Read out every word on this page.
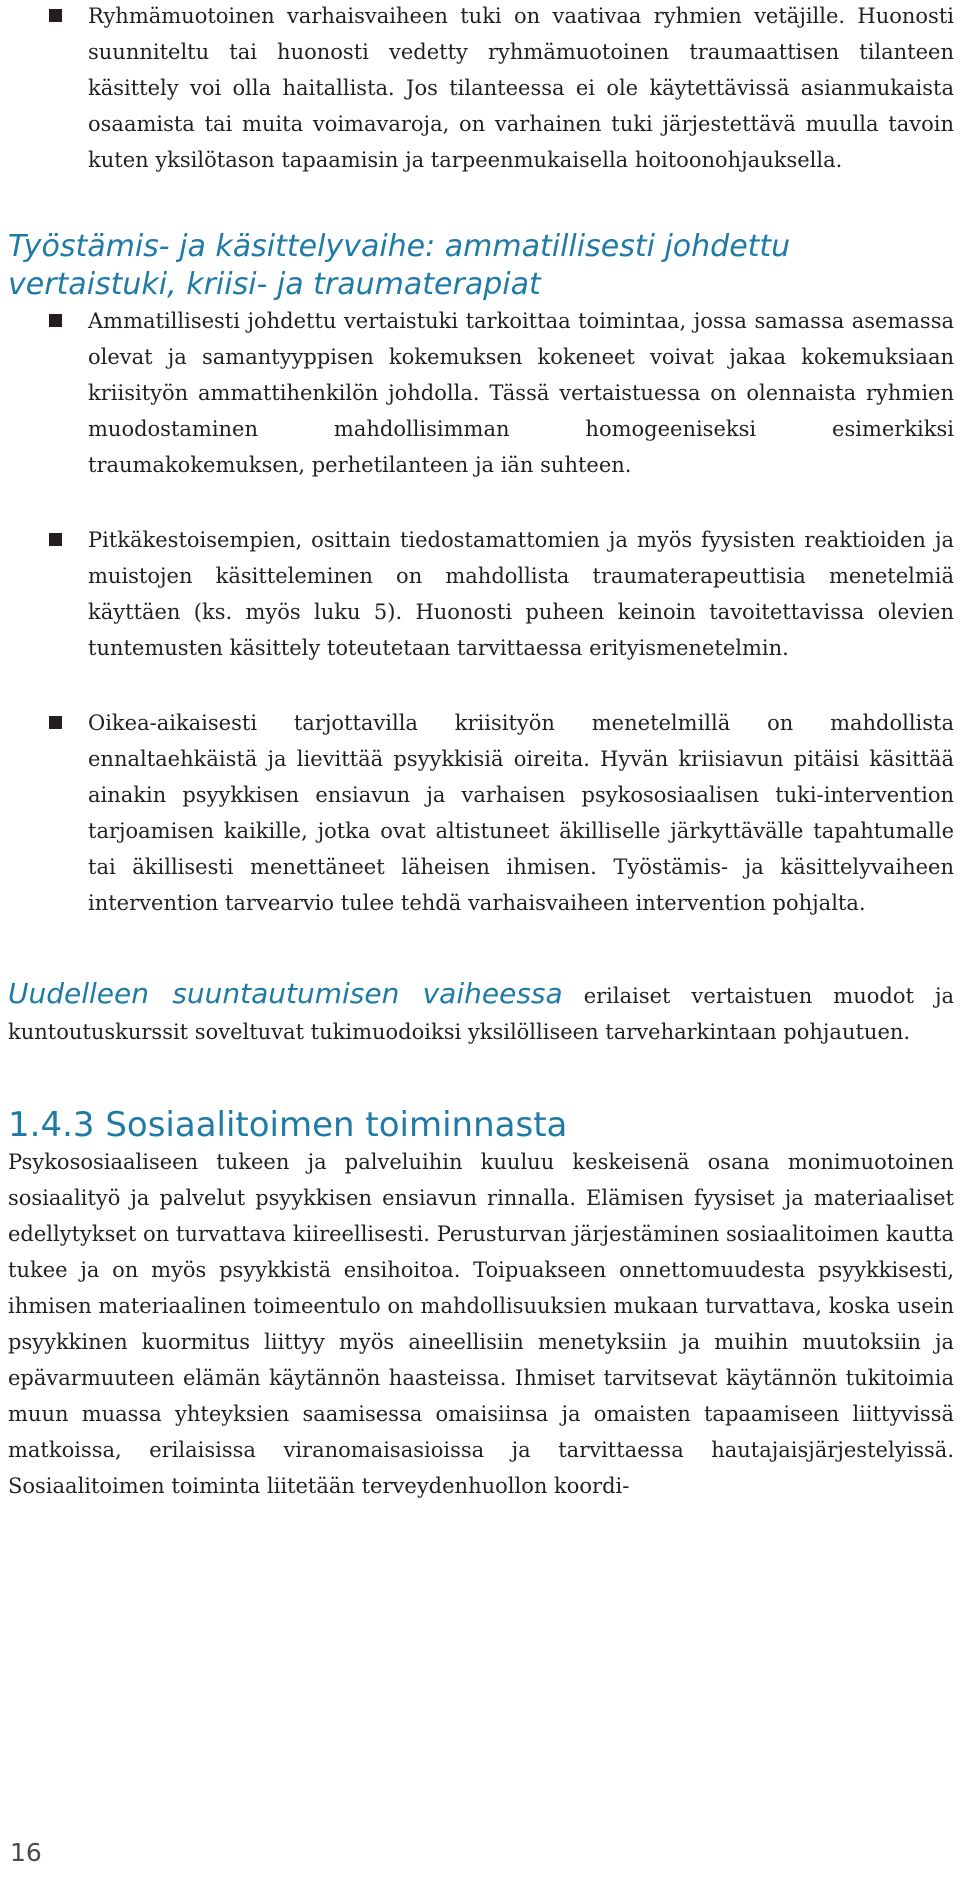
Ryhmämuotoinen varhaisvaiheen tuki on vaativaa ryhmien vetäjille. Huonosti suunniteltu tai huonosti vedetty ryhmämuotoinen traumaattisen tilanteen käsittely voi olla haitallista. Jos tilanteessa ei ole käytettävissä asianmukaista osaamista tai muita voimavaroja, on varhainen tuki järjestettävä muulla tavoin kuten yksilötason tapaamisin ja tarpeenmukaisella hoitoonohjauksella.
Työstämis- ja käsittelyvaihe: ammatillisesti johdettu vertaistuki, kriisi- ja traumaterapiat
Ammatillisesti johdettu vertaistuki tarkoittaa toimintaa, jossa samassa asemassa olevat ja samantyyppisen kokemuksen kokeneet voivat jakaa kokemuksiaan kriisityön ammattihenkilön johdolla. Tässä vertaistuessa on olennaista ryhmien muodostaminen mahdollisimman homogeeniseksi esimerkiksi traumakokemuksen, perhetilanteen ja iän suhteen.
Pitkäkestoisempien, osittain tiedostamattomien ja myös fyysisten reaktioiden ja muistojen käsitteleminen on mahdollista traumaterapeuttisia menetelmiä käyttäen (ks. myös luku 5). Huonosti puheen keinoin tavoitettavissa olevien tuntemusten käsittely toteutetaan tarvittaessa erityismenetelmin.
Oikea-aikaisesti tarjottavilla kriisityön menetelmillä on mahdollista ennaltaehkäistä ja lievittää psyykkisiä oireita. Hyvän kriisiavun pitäisi käsittää ainakin psyykkisen ensiavun ja varhaisen psykososiaalisen tuki-intervention tarjoamisen kaikille, jotka ovat altistuneet äkilliselle järkyttävälle tapahtumalle tai äkillisesti menettäneet läheisen ihmisen. Työstämis- ja käsittelyvaiheen intervention tarvearvio tulee tehdä varhaisvaiheen intervention pohjalta.

Uudelleen suuntautumisen vaiheessa erilaiset vertaistuen muodot ja kuntoutuskurssit soveltuvat tukimuodoiksi yksilölliseen tarveharkintaan pohjautuen.

1.4.3 Sosiaalitoimen toiminnasta

Psykososiaaliseen tukeen ja palveluihin kuuluu keskeisenä osana monimuotoinen sosiaalityö ja palvelut psyykkisen ensiavun rinnalla. Elämisen fyysiset ja materiaaliset edellytykset on turvattava kiireellisesti. Perusturvan järjestäminen sosiaalitoimen kautta tukee ja on myös psyykkistä ensihoitoa. Toipuakseen onnettomuudesta psyykkisesti, ihmisen materiaalinen toimeentulo on mahdollisuuksien mukaan turvattava, koska usein psyykkinen kuormitus liittyy myös aineellisiin menetyksiin ja muihin muutoksiin ja epävarmuuteen elämän käytännön haasteissa. Ihmiset tarvitsevat käytännön tukitoimia muun muassa yhteyksien saamisessa omaisiinsa ja omaisten tapaamiseen liittyvissä matkoissa, erilaisissa viranomaisasioissa ja tarvittaessa hautajaisjärjestelyissä. Sosiaalitoimen toiminta liitetään terveydenhuollon koordi-

16
